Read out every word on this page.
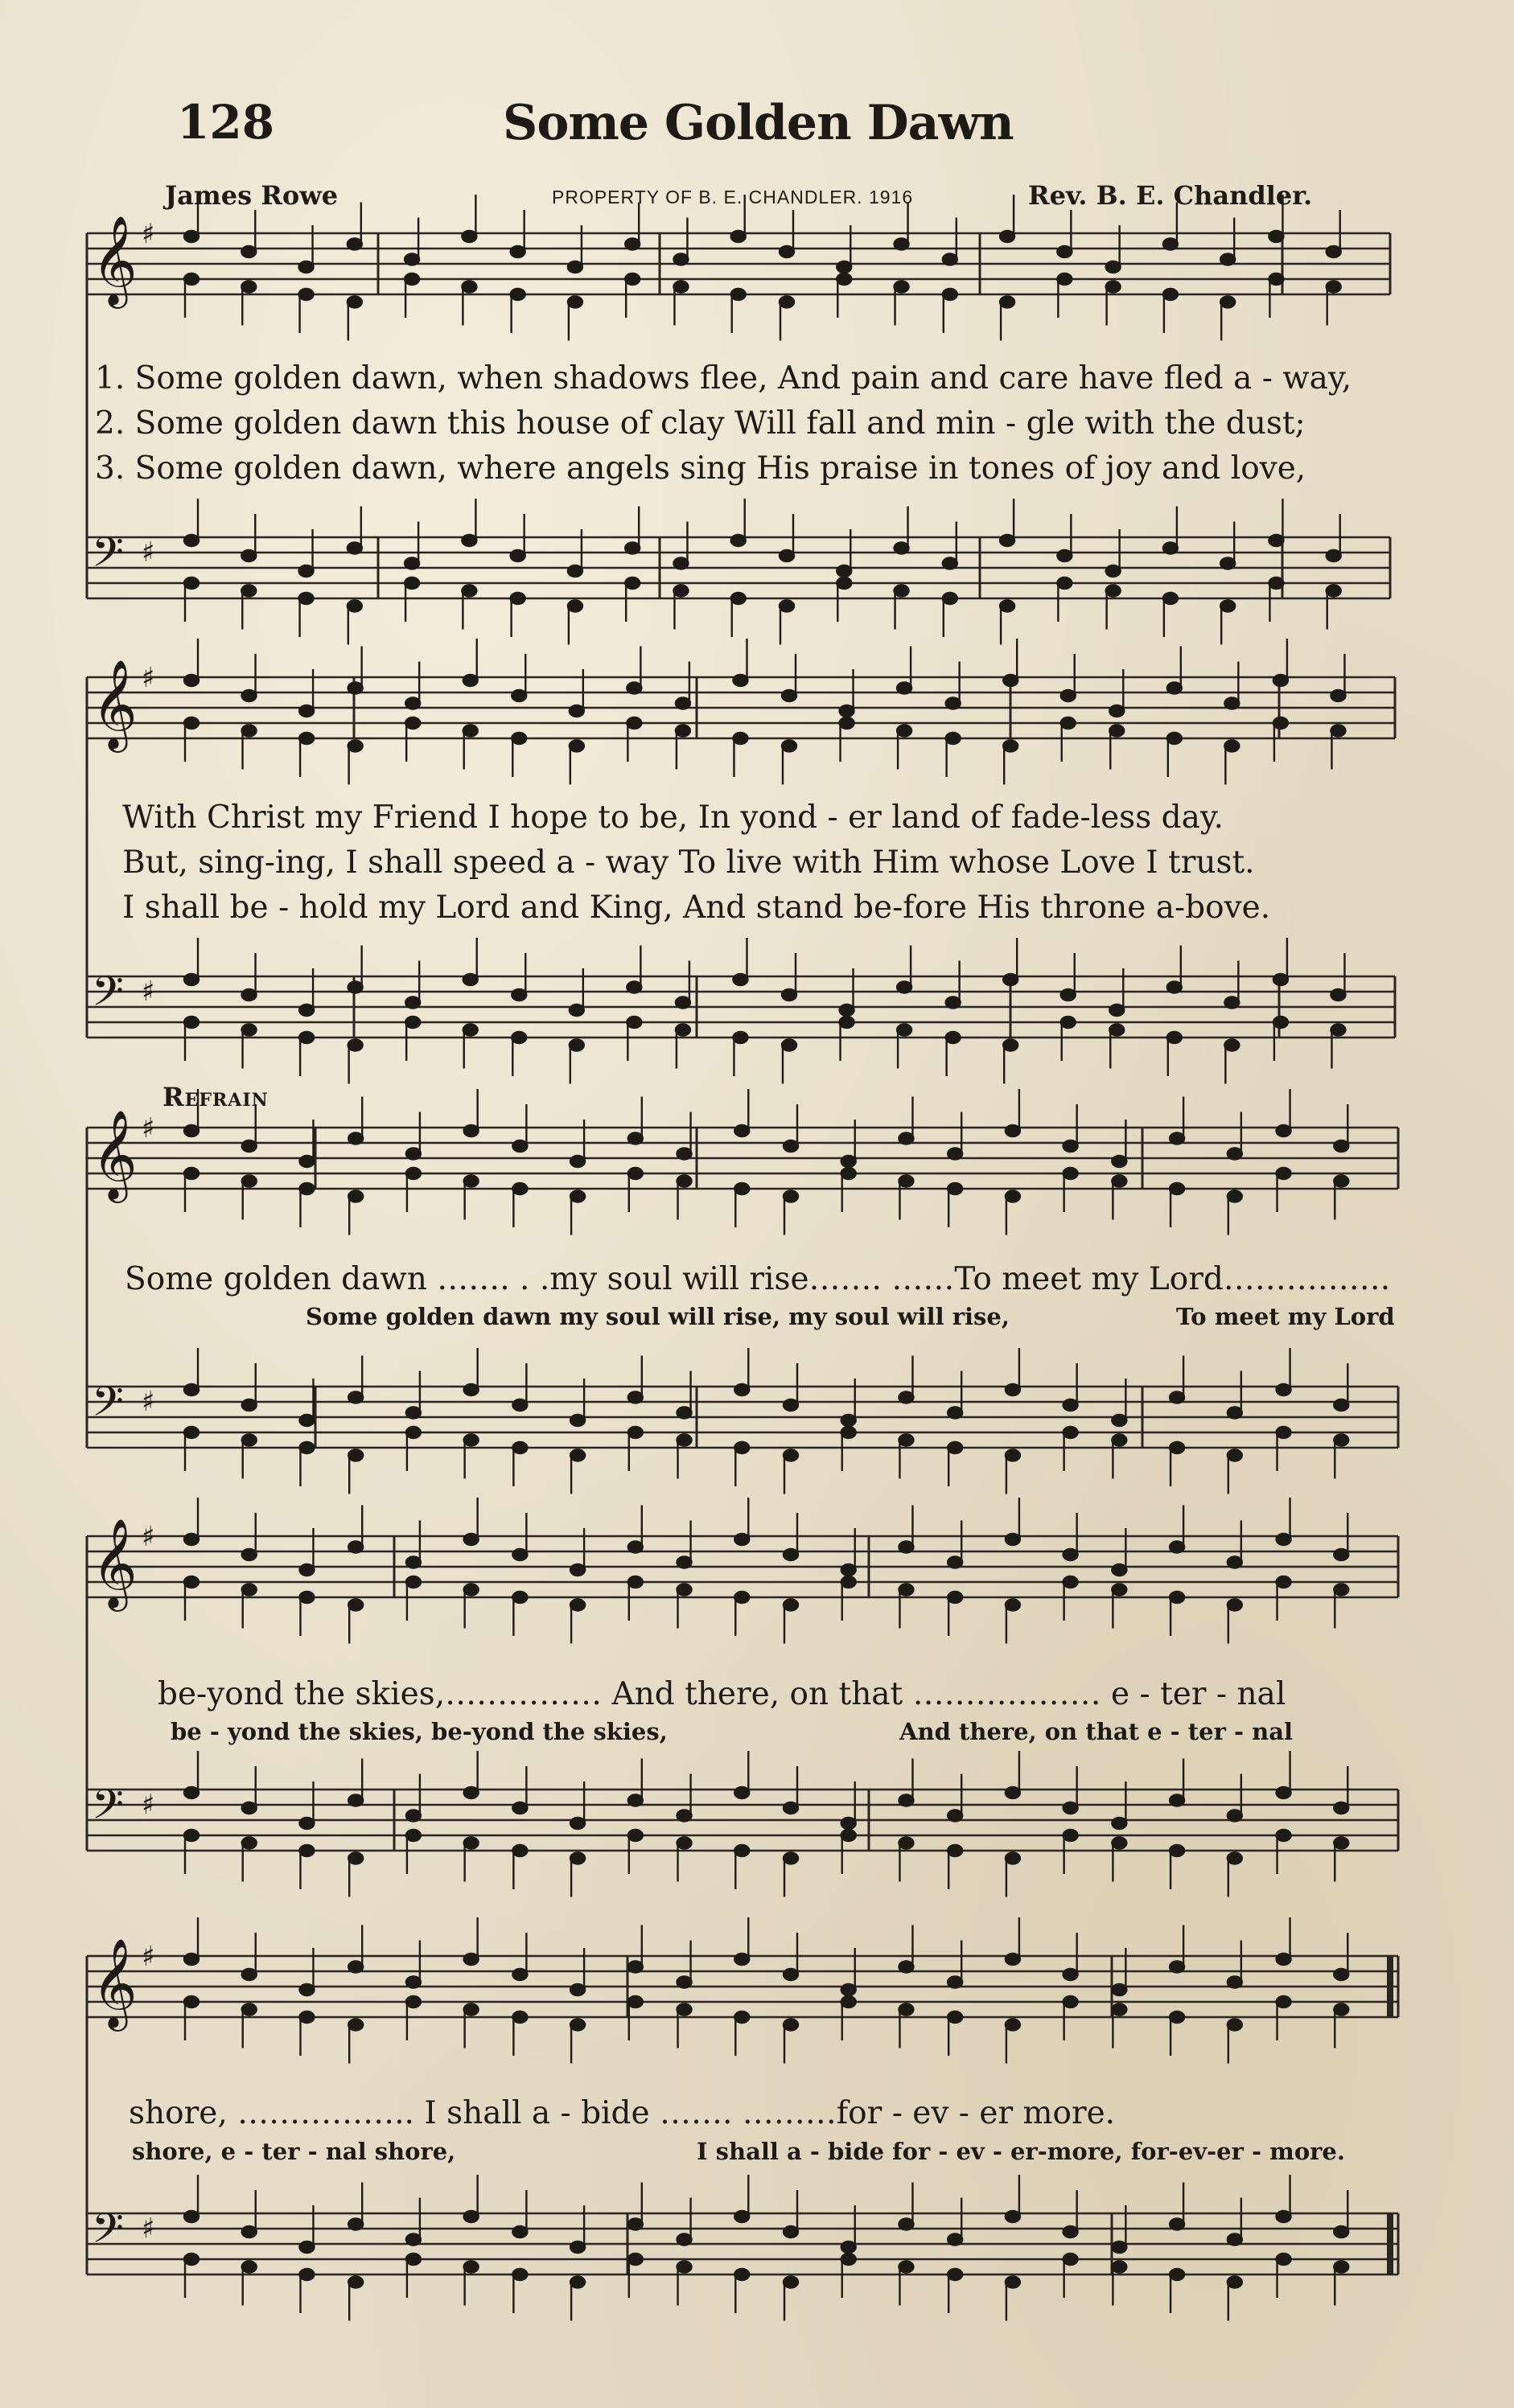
128	Some Golden Dawn
James Rowe	PROPERTY OF B. E. CHANDLER. 1916	Rev. B. E. Chandler.
𝄞 ♯
𝄢 ♯
𝄞 ♯
𝄢 ♯
𝄞 ♯
𝄢 ♯
𝄞 ♯
𝄢 ♯
𝄞 ♯
𝄢 ♯
1. Some golden dawn, when shadows flee, And pain and care have fled a - way,
2. Some golden dawn this house of clay Will fall and min - gle with the dust;
3. Some golden dawn, where angels sing His praise in tones of joy and love,
With Christ my Friend I hope to be, In yond - er land of fade-less day.
But, sing-ing, I shall speed a - way To live with Him whose Love I trust.
I shall be - hold my Lord and King, And stand be-fore His throne a-bove.
Refrain
Some golden dawn ……. . .my soul will rise……. ……To meet my Lord…………….
Some golden dawn my soul will rise, my soul will rise,	To meet my Lord
be-yond the skies,…………… And there, on that ……………… e - ter - nal
be - yond the skies, be-yond the skies,	And there, on that e - ter - nal
shore, …………….. I shall a - bide ……. ………for - ev - er more.
shore, e - ter - nal shore,	I shall a - bide for - ev - er-more, for-ev-er - more.
